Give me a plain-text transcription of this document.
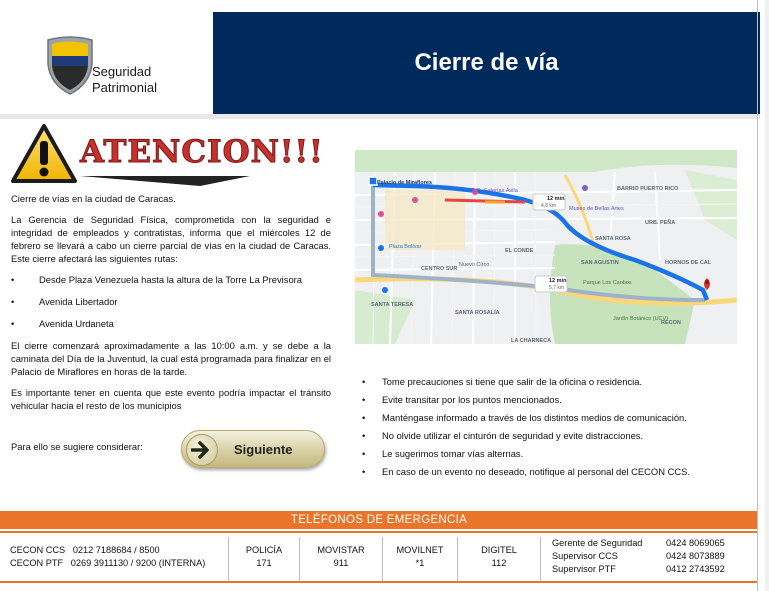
Seguridad
Patrimonial
Cierre de vía
ATENCION!!!

Cierre de vías en la ciudad de Caracas.

La Gerencia de Seguridad Física, comprometida con la seguridad e integridad de empleados y contratistas, informa que el miércoles 12 de febrero se llevará a cabo un cierre parcial de vías en la ciudad de Caracas. Este cierre afectará las siguientes rutas:

• Desde Plaza Venezuela hasta la altura de la Torre La Previsora
• Avenida Libertador
• Avenida Urdaneta

El cierre comenzará aproximadamente a las 10:00 a.m. y se debe a la caminata del Día de la Juventud, la cual está programada para finalizar en el Palacio de Miraflores en horas de la tarde.

Es importante tener en cuenta que este evento podría impactar el tránsito vehicular hacia el resto de los municipios

Para ello se sugiere considerar:	Siguiente
Palacio de Miraflores
12 min
4,8 km
12 min
5,7 km
CENTRO SUR
SANTA TERESA
SANTA ROSA
LA CHARNECA
Jardín Botánico (UCV)
C.C. Galerías Ávila
Parque Los Caobos
Nuevo Circo
RECON
SAN AGUSTIN
Plaza Bolívar
BARRIO PUERTO RICO
EL CONDE
SANTA ROSALÍA
HORNOS DE CAL
URB. PEÑA
Museo de Bellas Artes
• Tome precauciones si tiene que salir de la oficina o residencia.
• Evite transitar por los puntos mencionados.
• Manténgase informado a través de los distintos medios de comunicación.
• No olvide utilizar el cinturón de seguridad y evite distracciones.
• Le sugerimos tomar vías alternas.
• En caso de un evento no deseado, notifique al personal del CECON CCS.
TELÉFONOS DE EMERGENCIA
CECON CCS 0212 7188684 / 8500
CECON PTF 0269 3911130 / 9200 (INTERNA)
POLICÍA
171
MOVISTAR
911
MOVILNET
*1
DIGITEL
112
Gerente de Seguridad	0424 8069065
Supervisor CCS	0424 8073889
Supervisor PTF	0412 2743592
